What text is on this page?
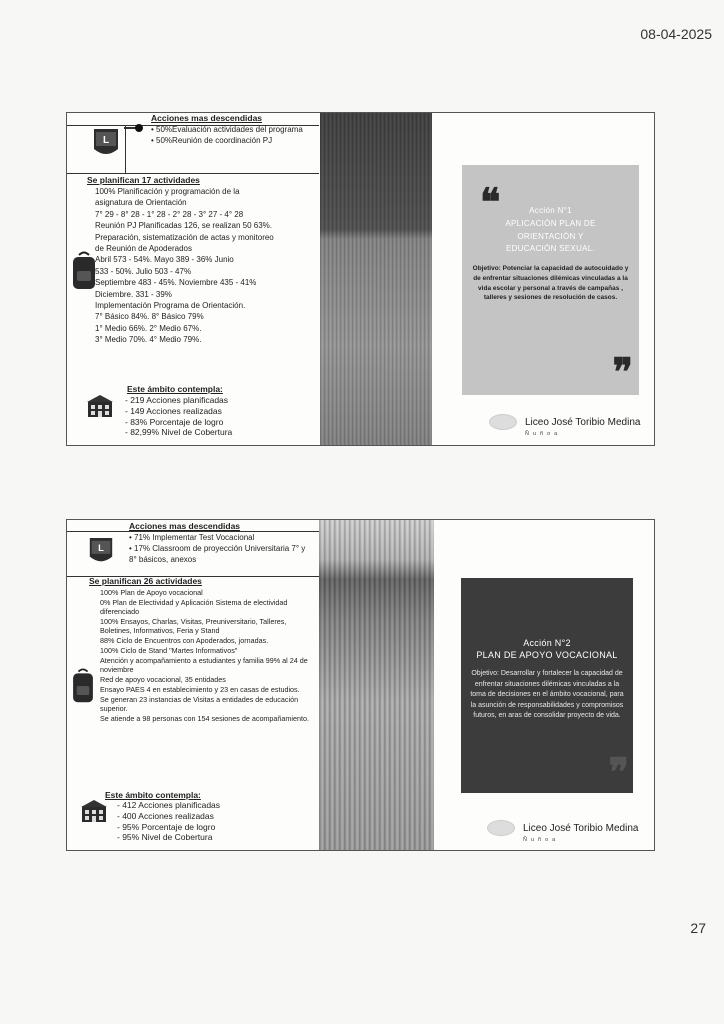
08-04-2025
L
Acciones mas descendidas
• 50%Evaluación actividades del programa
• 50%Reunión de coordinación PJ
Se planifican 17 actividades
100% Planificación y programación de la
asignatura de Orientación
7° 29 - 8° 28 - 1° 28 - 2° 28 - 3° 27 - 4° 28
Reunión PJ Planificadas 126, se realizan 50 63%.
Preparación, sistematización de actas y monitoreo
de Reunión de Apoderados
Abril 573 - 54%. Mayo 389 - 36% Junio
533 - 50%. Julio 503 - 47%
Septiembre 483 - 45%. Noviembre 435 - 41%
Diciembre. 331 - 39%
Implementación Programa de Orientación.
7° Básico 84%. 8° Básico 79%
1° Medio 66%. 2° Medio 67%.
3° Medio 70%. 4° Medio 79%.
Este ámbito contempla:
- 219 Acciones planificadas
- 149 Acciones realizadas
- 83% Porcentaje de logro
- 82,99% Nivel de Cobertura
❝	Acción N°1
APLICACIÓN PLAN DE
ORIENTACIÓN Y
EDUCACIÓN SEXUAL.
Objetivo: Potenciar la capacidad de autocuidado y de enfrentar situaciones dilémicas vinculadas a la vida escolar y personal a través de campañas , talleres y sesiones de resolución de casos.
❞
Liceo José Toribio Medina
Ñuñoa
L
Acciones mas descendidas
• 71% Implementar Test Vocacional
• 17% Classroom de proyección Universitaria 7° y 8° básicos, anexos
Se planifican 26 actividades
100% Plan de Apoyo vocacional
0% Plan de Electividad y Aplicación Sistema de electividad diferenciado
100% Ensayos, Charlas, Visitas, Preuniversitario, Talleres, Boletines, Informativos, Feria y Stand
88% Ciclo de Encuentros con Apoderados, jornadas.
100% Ciclo de Stand "Martes Informativos"
Atención y acompañamiento a estudiantes y familia 99% al 24 de noviembre
Red de apoyo vocacional, 35 entidades
Ensayo PAES 4 en establecimiento y 23 en casas de estudios.
Se generan 23 instancias de Visitas a entidades de educación superior.
Se atiende a 98 personas con 154 sesiones de acompañamiento.
Este ámbito contempla:
- 412 Acciones planificadas
- 400 Acciones realizadas
- 95% Porcentaje de logro
- 95% Nivel de Cobertura
Acción N°2
PLAN DE APOYO VOCACIONAL
Objetivo: Desarrollar y fortalecer la capacidad de enfrentar situaciones dilémicas vinculadas a la toma de decisiones en el ámbito vocacional, para la asunción de responsabilidades y compromisos futuros, en aras de consolidar proyecto de vida.
❞
Liceo José Toribio Medina
Ñuñoa
27
